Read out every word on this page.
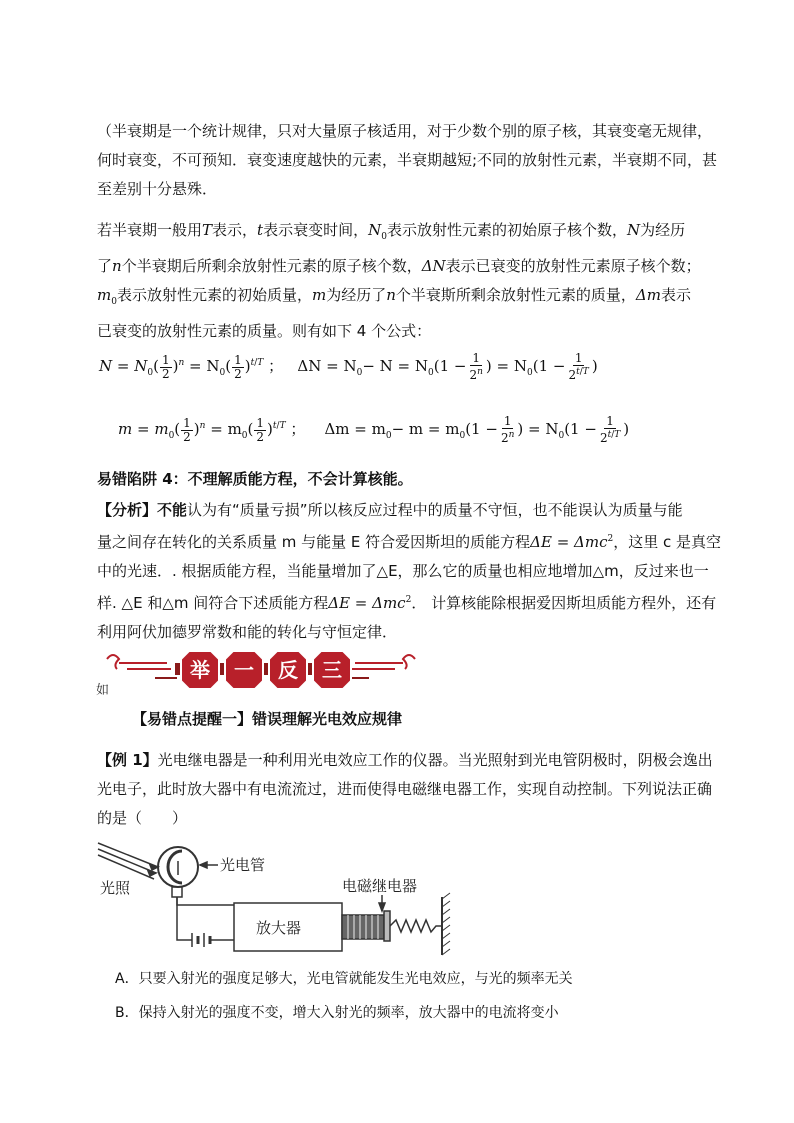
（半衰期是一个统计规律，只对大量原子核适用，对于少数个别的原子核，其衰变毫无规律，
何时衰变，不可预知．衰变速度越快的元素，半衰期越短;不同的放射性元素，半衰期不同，甚
至差别十分悬殊．
若半衰期一般用T表示，t表示衰变时间，$N_0$表示放射性元素的初始原子核个数，N为经历
了n个半衰期后所剩余放射性元素的原子核个数，ΔN表示已衰变的放射性元素原子核个数；
$m_0$表示放射性元素的初始质量，m为经历了n个半衰斯所剩余放射性元素的质量，Δm表示
已衰变的放射性元素的质量。则有如下 4 个公式：
$N = N_0( \frac{1}{2} )^n = N_0( \frac{1}{2} )^{t/T}$ ； $\Delta N = N_0- N = N_0(1 - \frac{1}{2^n}$ ) = $N_0(1 - \frac{1}{2^{t/T}}$ )
$m = m_0( \frac{1}{2} )^n = m_0( \frac{1}{2} )^{t/T}$ ； $\Delta m = m_0- m = m_0(1 - \frac{1}{2^n}$ ) = $N_0(1 - \frac{1}{2^{t/T}}$ )
易错陷阱 4：不理解质能方程，不会计算核能。
【分析】不能认为有“质量亏损”所以核反应过程中的质量不守恒，也不能误认为质量与能
量之间存在转化的关系质量 m 与能量 E 符合爱因斯坦的质能方程ΔE = Δmc$^2$，这里 c 是真空
中的光速．. 根据质能方程，当能量增加了△E，那么它的质量也相应地增加△m，反过来也一
样. △E 和△m 间符合下述质能方程ΔE = Δmc$^2$． 计算核能除根据爱因斯坦质能方程外，还有
利用阿伏加德罗常数和能的转化与守恒定律．
举 一 反 三
如
【易错点提醒一】错误理解光电效应规律
【例 1】光电继电器是一种利用光电效应工作的仪器。当光照射到光电管阴极时，阴极会逸出
光电子，此时放大器中有电流流过，进而使得电磁继电器工作，实现自动控制。下列说法正确
的是（　　）
光照
光电管
放大器
电磁继电器
A．只要入射光的强度足够大，光电管就能发生光电效应，与光的频率无关
B．保持入射光的强度不变，增大入射光的频率，放大器中的电流将变小
